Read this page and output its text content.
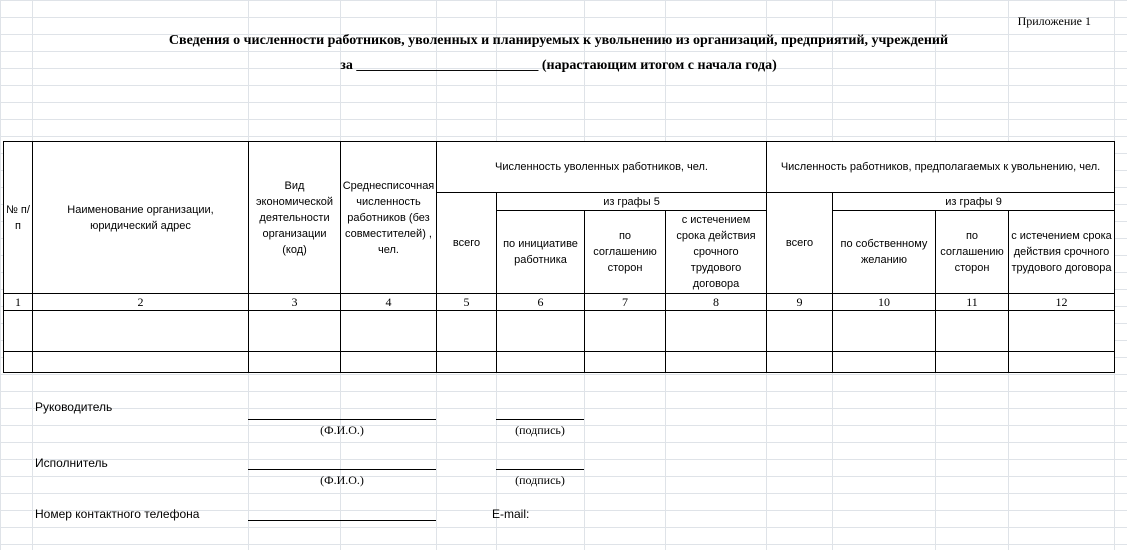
Приложение 1
Сведения о численности работников, уволенных и планируемых к увольнению из организаций, предприятий, учреждений
за __________________________ (нарастающим итогом с начала года)
№ п/п	Наименование организации, юридический адрес	Вид экономической деятельности организации (код)	Среднесписочная численность работников (без совместителей) , чел.	Численность уволенных работников, чел.				Численность работников, предполагаемых к увольнению, чел.			
				всего	из графы 5			всего	из графы 9		
					по инициативе работника	по соглашению сторон	с истечением срока действия срочного трудового договора		по собственному желанию	по соглашению сторон	с истечением срока действия срочного трудового договора
1	2	3	4	5	6	7	8	9	10	11	12

Руководитель
(Ф.И.О.)	(подпись)
Исполнитель
(Ф.И.О.)	(подпись)
Номер контактного телефона	E-mail:
